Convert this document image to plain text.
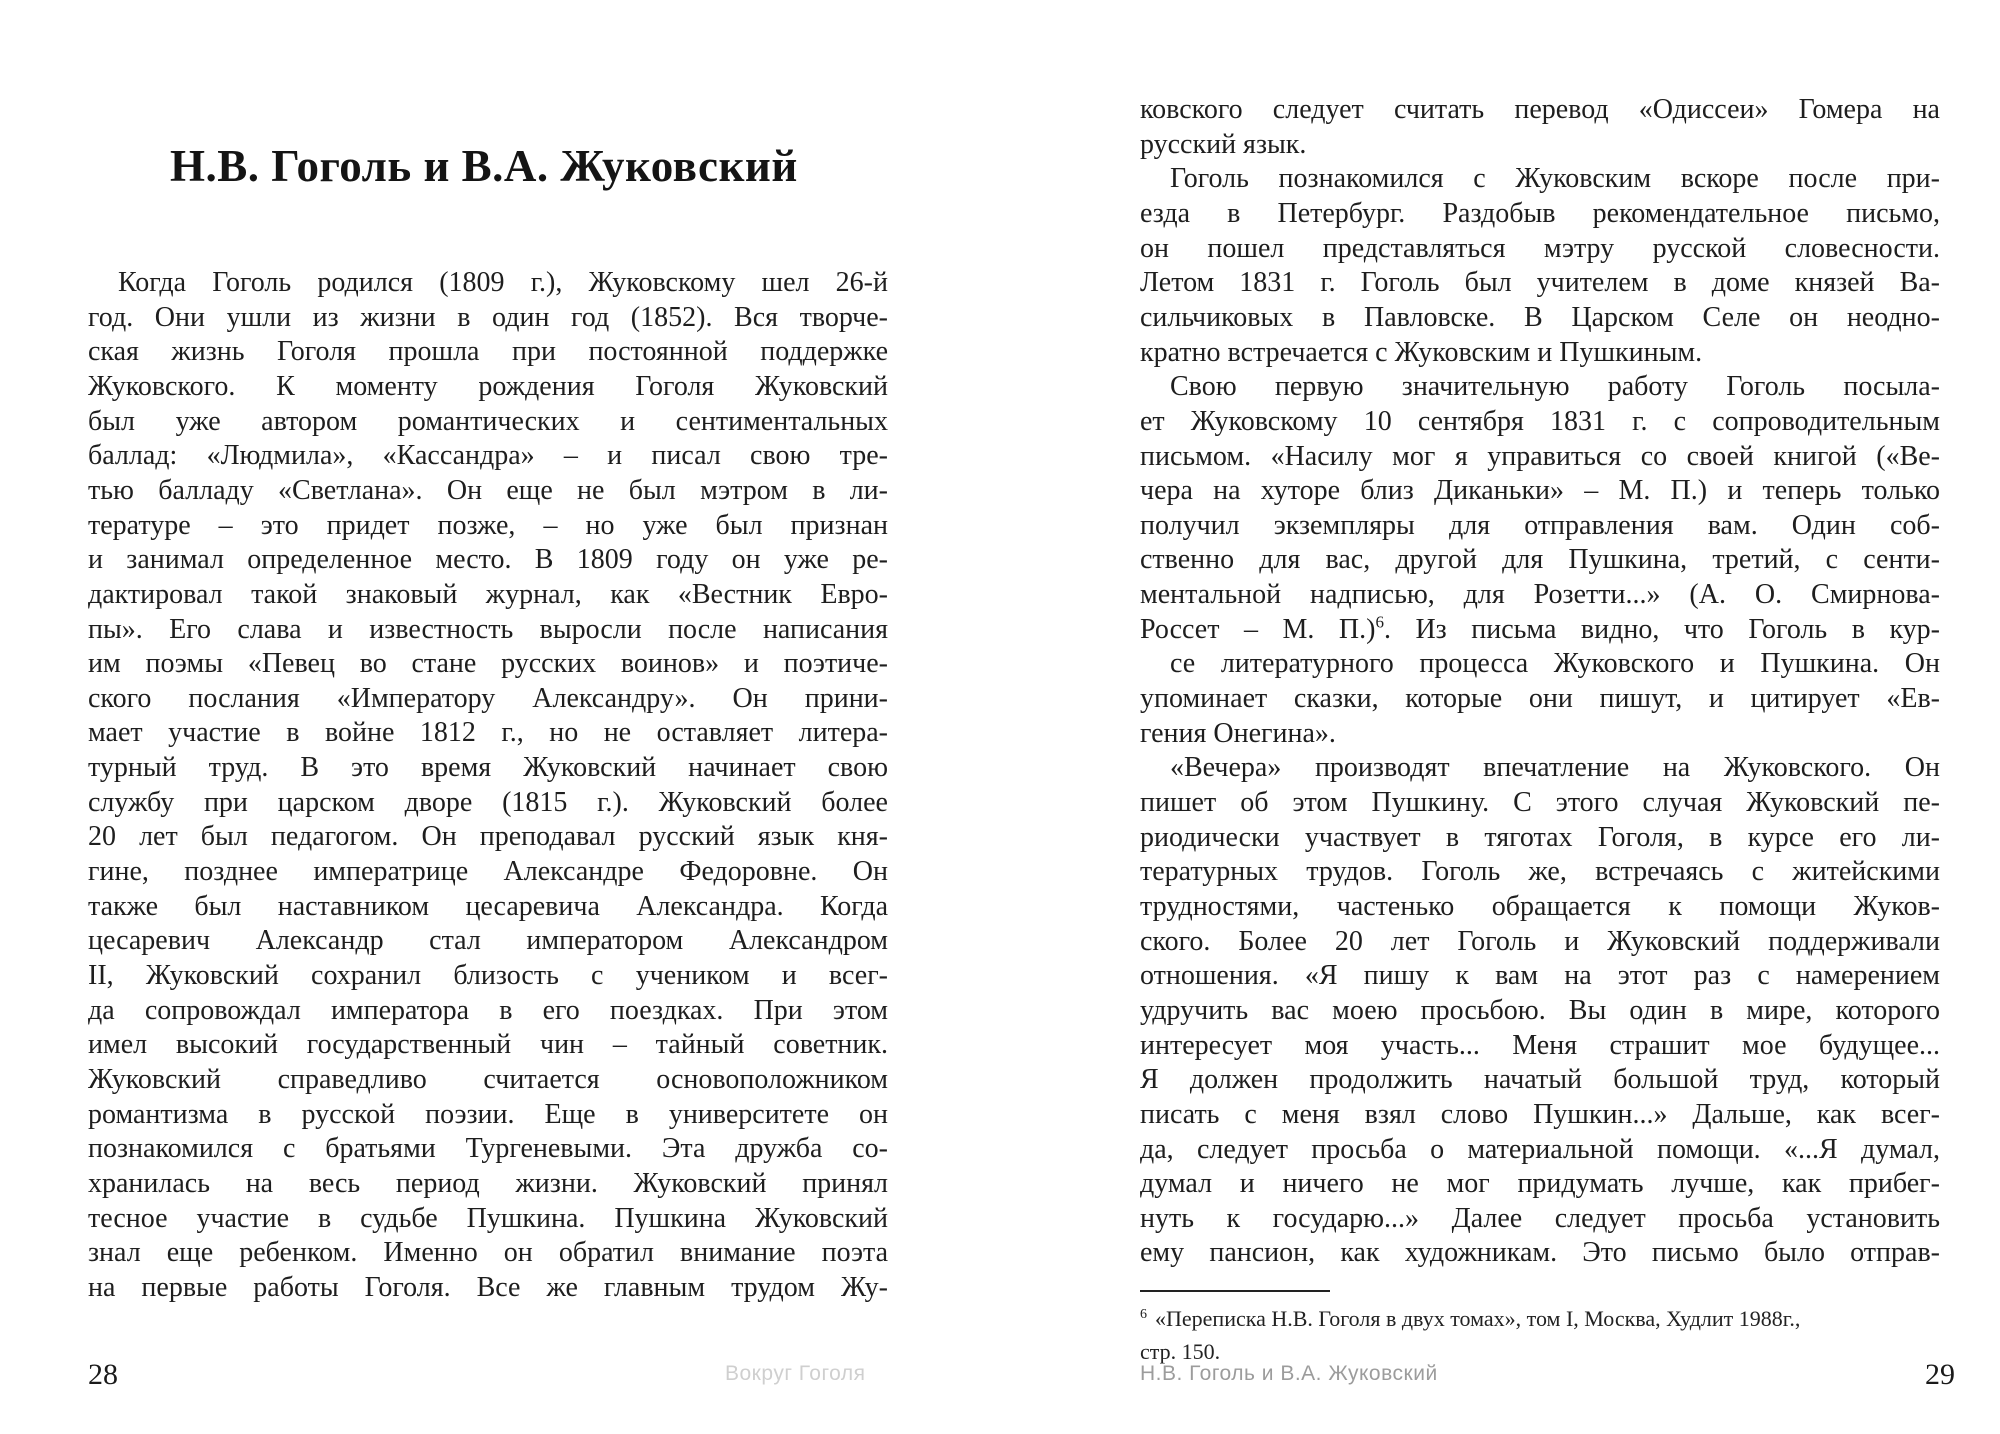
Н.В. Гоголь и В.А. Жуковский
Когда Гоголь родился (1809 г.), Жуковскому шел 26-й
год. Они ушли из жизни в один год (1852). Вся творче-
ская жизнь Гоголя прошла при постоянной поддержке
Жуковского. К моменту рождения Гоголя Жуковский
был уже автором романтических и сентиментальных
баллад: «Людмила», «Кассандра» – и писал свою тре-
тью балладу «Светлана». Он еще не был мэтром в ли-
тературе – это придет позже, – но уже был признан
и занимал определенное место. В 1809 году он уже ре-
дактировал такой знаковый журнал, как «Вестник Евро-
пы». Его слава и известность выросли после написания
им поэмы «Певец во стане русских воинов» и поэтиче-
ского послания «Императору Александру». Он прини-
мает участие в войне 1812 г., но не оставляет литера-
турный труд. В это время Жуковский начинает свою
службу при царском дворе (1815 г.). Жуковский более
20 лет был педагогом. Он преподавал русский язык кня-
гине, позднее императрице Александре Федоровне. Он
также был наставником цесаревича Александра. Когда
цесаревич Александр стал императором Александром
II, Жуковский сохранил близость с учеником и всег-
да сопровождал императора в его поездках. При этом
имел высокий государственный чин – тайный советник.
Жуковский справедливо считается основоположником
романтизма в русской поэзии. Еще в университете он
познакомился с братьями Тургеневыми. Эта дружба со-
хранилась на весь период жизни. Жуковский принял
тесное участие в судьбе Пушкина. Пушкина Жуковский
знал еще ребенком. Именно он обратил внимание поэта
на первые работы Гоголя. Все же главным трудом Жу-
28	Вокруг Гоголя
ковского следует считать перевод «Одиссеи» Гомера на
русский язык.
Гоголь познакомился с Жуковским вскоре после при-
езда в Петербург. Раздобыв рекомендательное письмо,
он пошел представляться мэтру русской словесности.
Летом 1831 г. Гоголь был учителем в доме князей Ва-
сильчиковых в Павловске. В Царском Селе он неодно-
кратно встречается с Жуковским и Пушкиным.
Свою первую значительную работу Гоголь посыла-
ет Жуковскому 10 сентября 1831 г. с сопроводительным
письмом. «Насилу мог я управиться со своей книгой («Ве-
чера на хуторе близ Диканьки» – М. П.) и теперь только
получил экземпляры для отправления вам. Один соб-
ственно для вас, другой для Пушкина, третий, с сенти-
ментальной надписью, для Розетти...» (А. О. Смирнова-
Россет – М. П.)$^6$. Из письма видно, что Гоголь в кур-
се литературного процесса Жуковского и Пушкина. Он
упоминает сказки, которые они пишут, и цитирует «Ев-
гения Онегина».
«Вечера» производят впечатление на Жуковского. Он
пишет об этом Пушкину. С этого случая Жуковский пе-
риодически участвует в тяготах Гоголя, в курсе его ли-
тературных трудов. Гоголь же, встречаясь с житейскими
трудностями, частенько обращается к помощи Жуков-
ского. Более 20 лет Гоголь и Жуковский поддерживали
отношения. «Я пишу к вам на этот раз с намерением
удручить вас моею просьбою. Вы один в мире, которого
интересует моя участь... Меня страшит мое будущее...
Я должен продолжить начатый большой труд, который
писать с меня взял слово Пушкин...» Дальше, как всег-
да, следует просьба о материальной помощи. «...Я думал,
думал и ничего не мог придумать лучше, как прибег-
нуть к государю...» Далее следует просьба установить
ему пансион, как художникам. Это письмо было отправ-
$^6$ «Переписка Н.В. Гоголя в двух томах», том I, Москва, Худлит 1988г.,
стр. 150.
29
Н.В. Гоголь и В.А. Жуковский
